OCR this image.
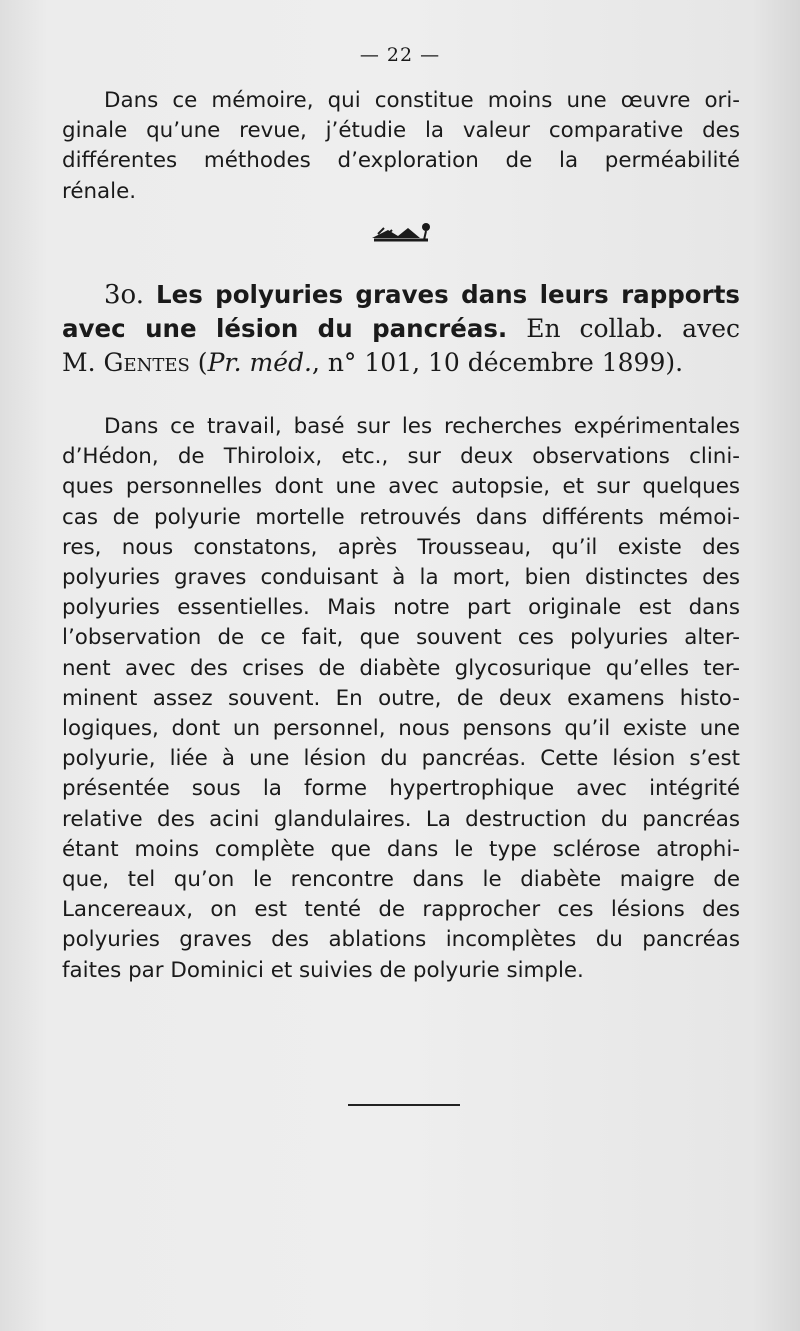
— 22 —

Dans ce mémoire, qui constitue moins une œuvre ori-
ginale qu’une revue, j’étudie la valeur comparative des
différentes méthodes d’exploration de la perméabilité
rénale.

3o. Les polyuries graves dans leurs rapports
avec une lésion du pancréas. En collab. avec
M. Gentes (Pr. méd., n° 101, 10 décembre 1899).

Dans ce travail, basé sur les recherches expérimentales
d’Hédon, de Thiroloix, etc., sur deux observations clini-
ques personnelles dont une avec autopsie, et sur quelques
cas de polyurie mortelle retrouvés dans différents mémoi-
res, nous constatons, après Trousseau, qu’il existe des
polyuries graves conduisant à la mort, bien distinctes des
polyuries essentielles. Mais notre part originale est dans
l’observation de ce fait, que souvent ces polyuries alter-
nent avec des crises de diabète glycosurique qu’elles ter-
minent assez souvent. En outre, de deux examens histo-
logiques, dont un personnel, nous pensons qu’il existe une
polyurie, liée à une lésion du pancréas. Cette lésion s’est
présentée sous la forme hypertrophique avec intégrité
relative des acini glandulaires. La destruction du pancréas
étant moins complète que dans le type sclérose atrophi-
que, tel qu’on le rencontre dans le diabète maigre de
Lancereaux, on est tenté de rapprocher ces lésions des
polyuries graves des ablations incomplètes du pancréas
faites par Dominici et suivies de polyurie simple.
